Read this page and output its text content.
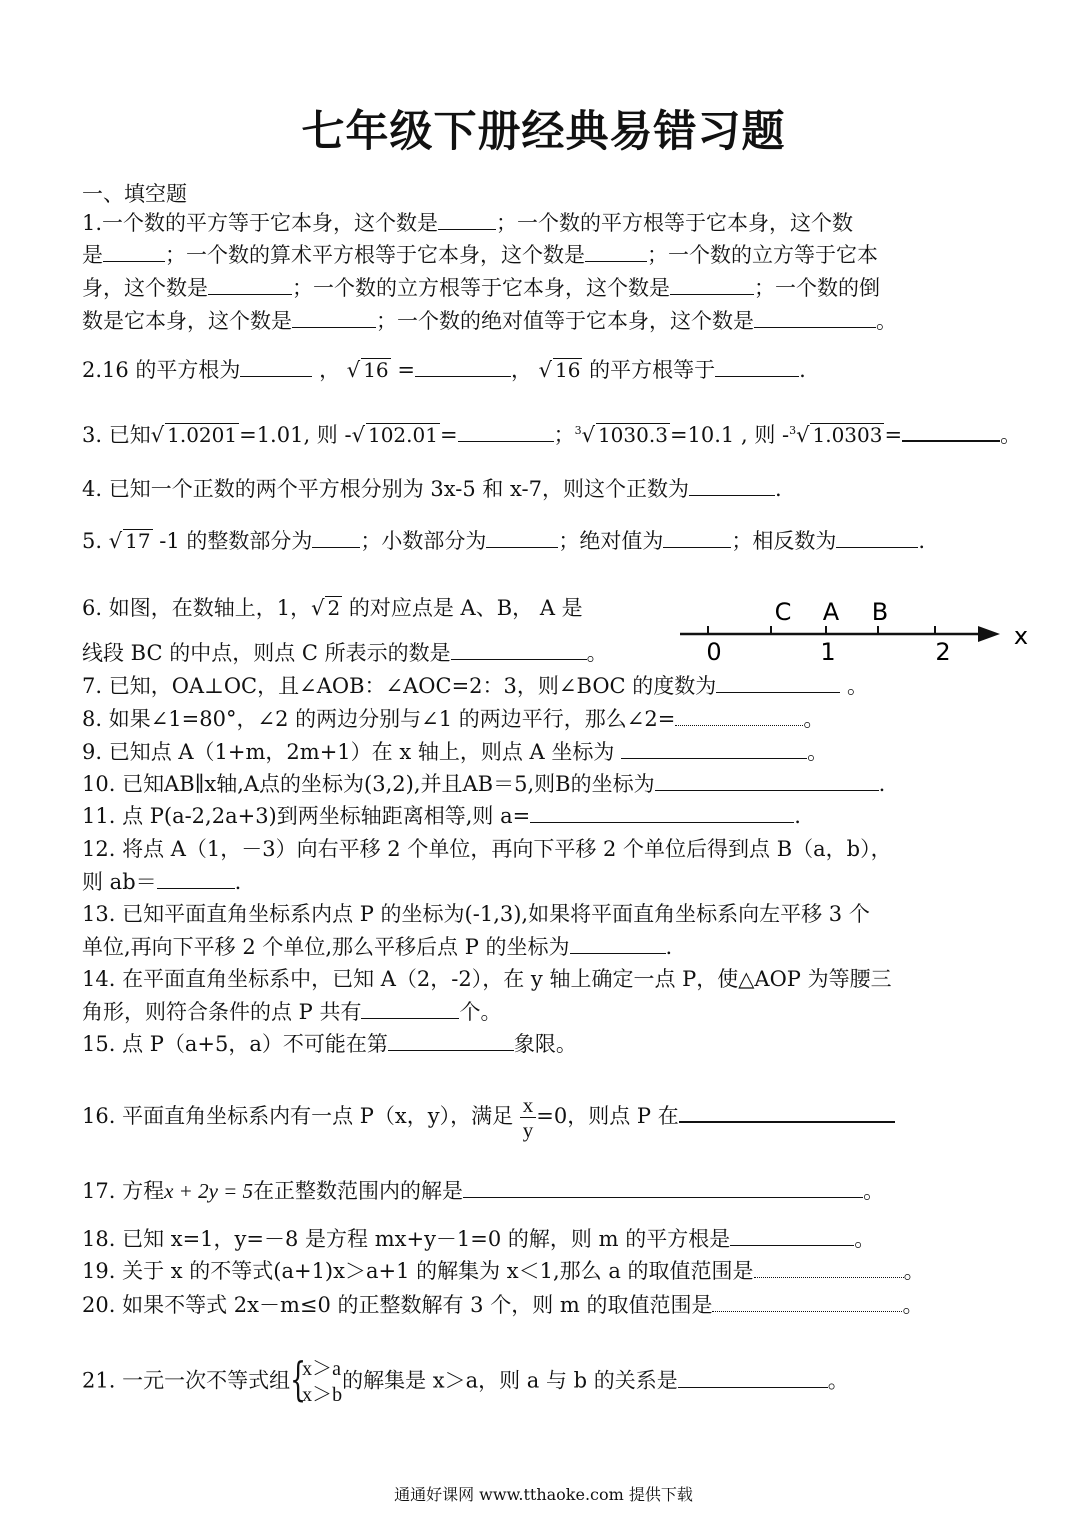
七年级下册经典易错习题
一、填空题
1.一个数的平方等于它本身，这个数是	；一个数的平方根等于它本身，这个数
是	；一个数的算术平方根等于它本身，这个数是	；一个数的立方等于它本
身，这个数是	；一个数的立方根等于它本身，这个数是	；一个数的倒
数是它本身，这个数是	；一个数的绝对值等于它本身，这个数是	。
2.16 的平方根为	， √ 16 =	， √ 16 的平方根等于	.
3. 已知√ 1.0201=1.01, 则 -√ 102.01=	；$^3$√ 1030.3=10.1 , 则 -$^3$√ 1.0303=	。
4. 已知一个正数的两个平方根分别为 3x-5 和 x-7，则这个正数为	.
5. √ 17 -1 的整数部分为 ；小数部分为	；绝对值为	；相反数为	.
6. 如图，在数轴上，1，√ 2 的对应点是 A、B， A 是
线段 BC 的中点，则点 C 所表示的数是	。
C A B
0	1	2
x
7. 已知，OA⊥OC，且∠AOB：∠AOC=2：3，则∠BOC 的度数为	。
8. 如果∠1=80°，∠2 的两边分别与∠1 的两边平行，那么∠2=	。
9. 已知点 A（1+m，2m+1）在 x 轴上，则点 A 坐标为	。
10. 已知AB∥x轴,A点的坐标为(3,2),并且AB＝5,则B的坐标为	.
11. 点 P(a-2,2a+3)到两坐标轴距离相等,则 a=	.
12. 将点 A（1，－3）向右平移 2 个单位，再向下平移 2 个单位后得到点 B（a，b），
则 ab＝	.
13. 已知平面直角坐标系内点 P 的坐标为(-1,3),如果将平面直角坐标系向左平移 3 个
单位,再向下平移 2 个单位,那么平移后点 P 的坐标为	.
14. 在平面直角坐标系中，已知 A（2，-2），在 y 轴上确定一点 P，使△AOP 为等腰三
角形，则符合条件的点 P 共有	个。
15. 点 P（a+5，a）不可能在第	象限。
16. 平面直角坐标系内有一点 P（x，y），满足 $\frac{x}{y} =0$，则点 P 在
17. 方程x + 2y = 5在正整数范围内的解是	。
18. 已知 x=1，y=－8 是方程 mx+y－1=0 的解，则 m 的平方根是	。
19. 关于 x 的不等式(a+1)x＞a+1 的解集为 x＜1,那么 a 的取值范围是	。
20. 如果不等式 2x－m≤0 的正整数解有 3 个，则 m 的取值范围是	。
21. 一元一次不等式组 {
x＞a
x＞b
的解集是 x＞a，则 a 与 b 的关系是	。
通通好课网 www.tthaoke.com 提供下载
